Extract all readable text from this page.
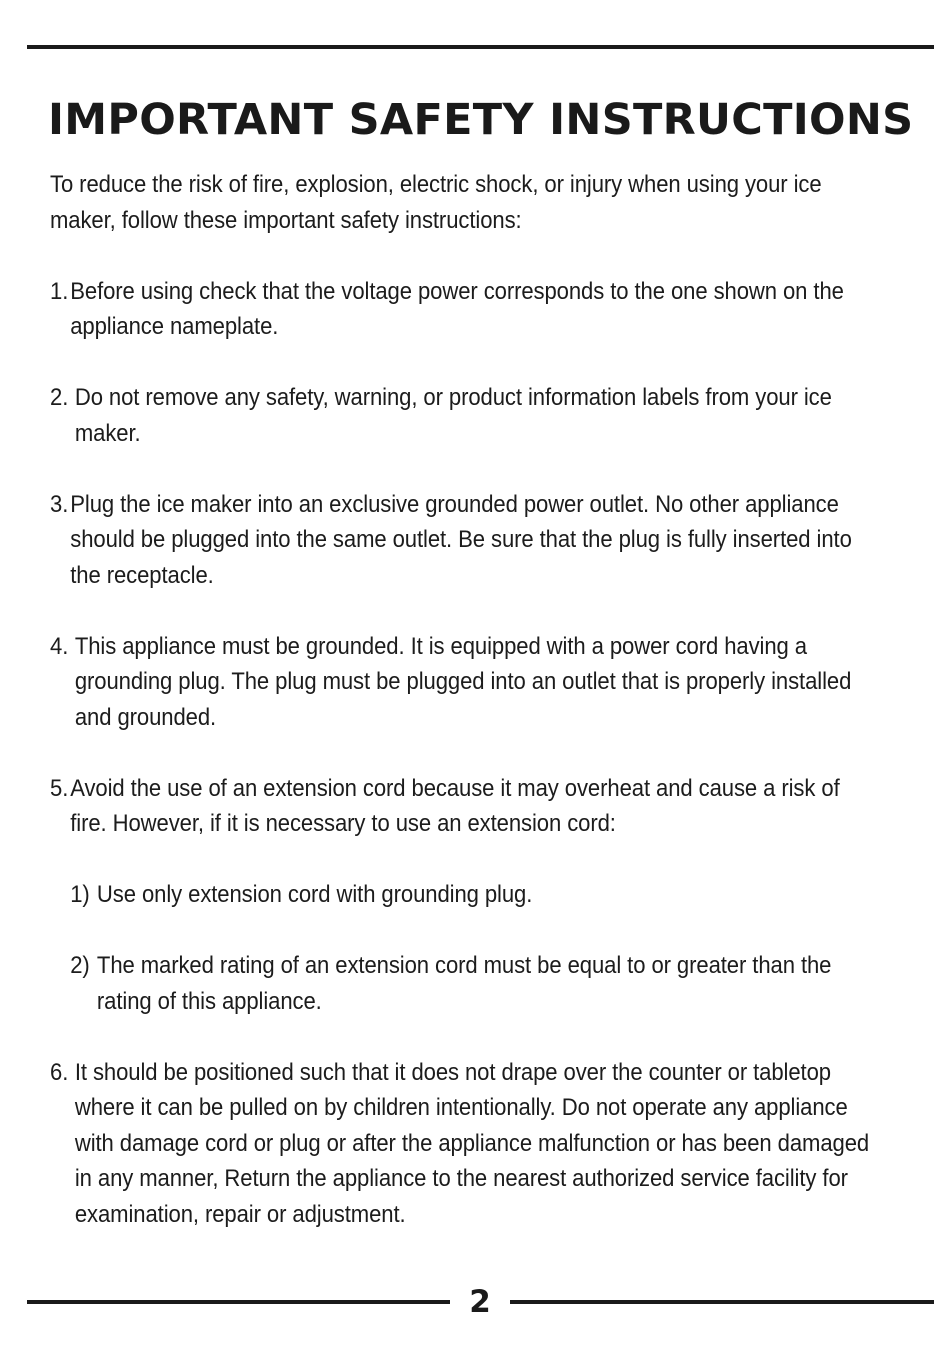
IMPORTANT SAFETY INSTRUCTIONS

To reduce the risk of fire, explosion, electric shock, or injury when using your ice maker, follow these important safety instructions:

1. Before using check that the voltage power corresponds to the one shown on the appliance nameplate.
2. Do not remove any safety, warning, or product information labels from your ice maker.
3. Plug the ice maker into an exclusive grounded power outlet. No other appliance should be plugged into the same outlet. Be sure that the plug is fully inserted into the receptacle.
4. This appliance must be grounded. It is equipped with a power cord having a grounding plug. The plug must be plugged into an outlet that is properly installed and grounded.
5. Avoid the use of an extension cord because it may overheat and cause a risk of fire. However, if it is necessary to use an extension cord:
1) Use only extension cord with grounding plug.
2) The marked rating of an extension cord must be equal to or greater than the rating of this appliance.
6. It should be positioned such that it does not drape over the counter or tabletop where it can be pulled on by children intentionally. Do not operate any appliance with damage cord or plug or after the appliance malfunction or has been damaged in any manner, Return the appliance to the nearest authorized service facility for examination, repair or adjustment.
2
